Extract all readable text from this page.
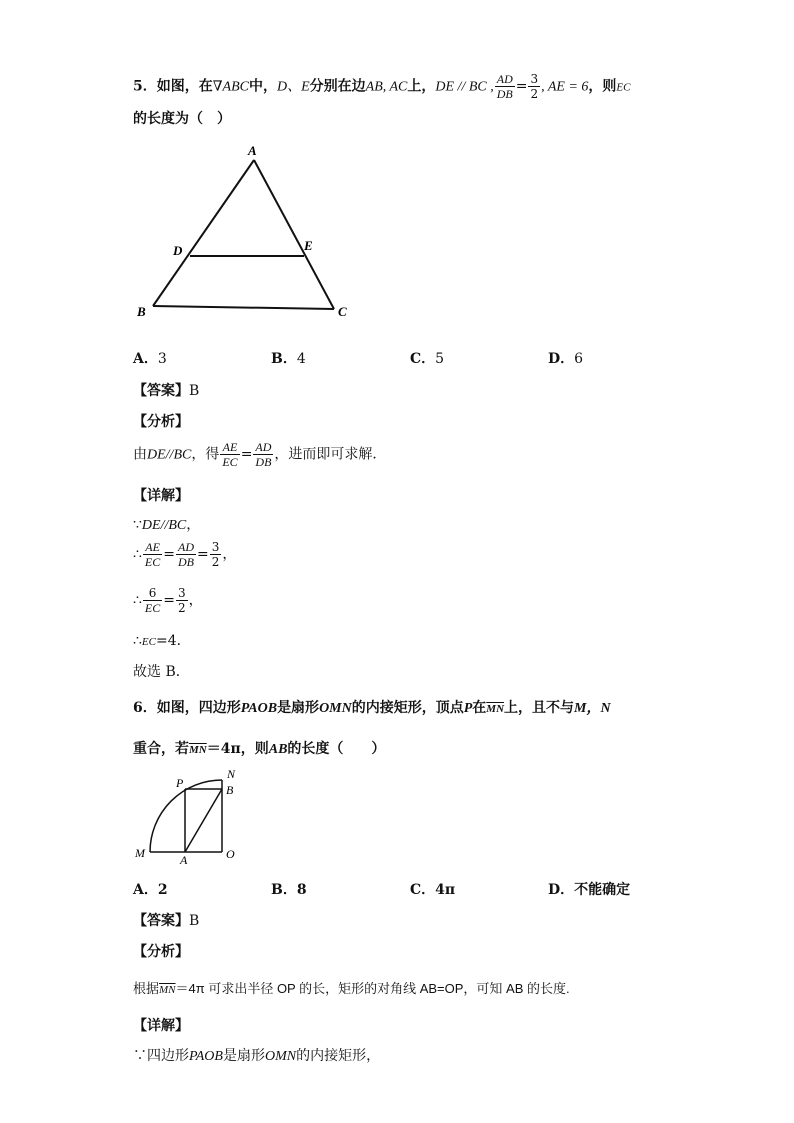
5．如图，在∇ABC中，D、E分别在边AB, AC上，DE // BC , $\frac{AD}{DB} = \frac{3}{2}$ , AE = 6，则EC
的长度为（　）
A
D	E
B	C
A．3	B．4	C．5	D．6
【答案】B
【分析】
由DE//BC，得 $\frac{AE}{EC} = \frac{AD}{DB}$ ，进而即可求解．
【详解】
∵DE//BC，
∴ $\frac{AE}{EC} = \frac{AD}{DB} = \frac{3}{2}$ ，
∴ $\frac{6}{EC} = \frac{3}{2}$ ，
∴EC=4．
故选 B．
6．如图，四边形PAOB是扇形OMN的内接矩形，顶点P在$\overline{MN}$上，且不与M，N
重合，若$\overline{MN}=4\pi$，则AB的长度（　　）
P
N
B
M	A	O
A．2	B．8	C．4π	D．不能确定
【答案】B
【分析】
根据$\overline{MN}=4\pi$ 可求出半径 OP 的长，矩形的对角线 AB=OP，可知 AB 的长度.
【详解】
∵四边形PAOB是扇形OMN的内接矩形，
